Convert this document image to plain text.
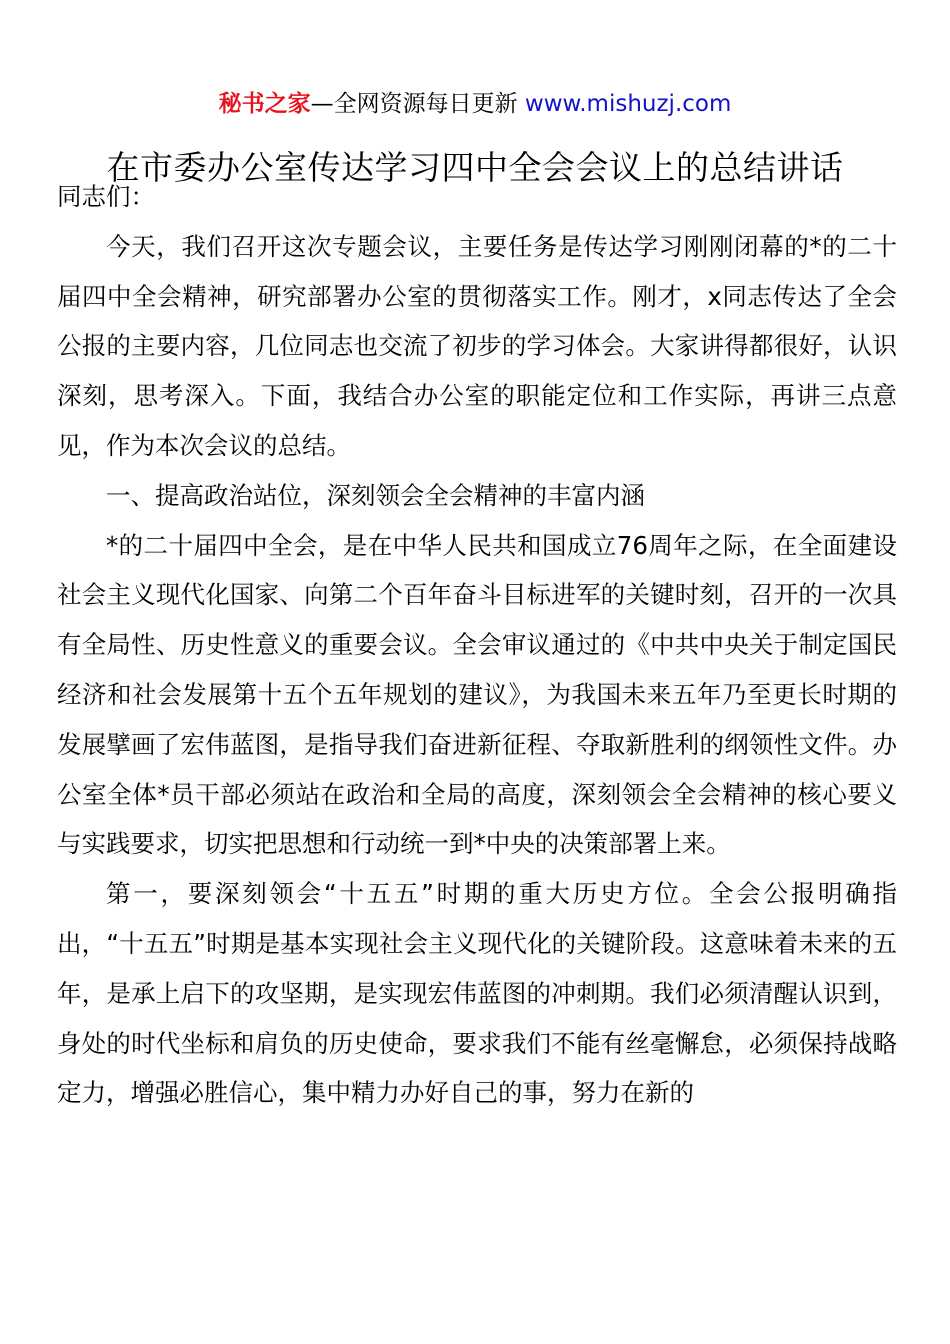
秘书之家—全网资源每日更新 www.mishuzj.com
在市委办公室传达学习四中全会会议上的总结讲话

同志们：

今天，我们召开这次专题会议，主要任务是传达学习刚刚闭幕的*的二十届四中全会精神，研究部署办公室的贯彻落实工作。刚才，x同志传达了全会公报的主要内容，几位同志也交流了初步的学习体会。大家讲得都很好，认识深刻，思考深入。下面，我结合办公室的职能定位和工作实际，再讲三点意见，作为本次会议的总结。

一、提高政治站位，深刻领会全会精神的丰富内涵

*的二十届四中全会，是在中华人民共和国成立76周年之际，在全面建设社会主义现代化国家、向第二个百年奋斗目标进军的关键时刻，召开的一次具有全局性、历史性意义的重要会议。全会审议通过的《中共中央关于制定国民经济和社会发展第十五个五年规划的建议》，为我国未来五年乃至更长时期的发展擘画了宏伟蓝图，是指导我们奋进新征程、夺取新胜利的纲领性文件。办公室全体*员干部必须站在政治和全局的高度，深刻领会全会精神的核心要义与实践要求，切实把思想和行动统一到*中央的决策部署上来。

第一，要深刻领会“十五五”时期的重大历史方位。全会公报明确指出，“十五五”时期是基本实现社会主义现代化的关键阶段。这意味着未来的五年，是承上启下的攻坚期，是实现宏伟蓝图的冲刺期。我们必须清醒认识到，身处的时代坐标和肩负的历史使命，要求我们不能有丝毫懈怠，必须保持战略定力，增强必胜信心，集中精力办好自己的事，努力在新的
